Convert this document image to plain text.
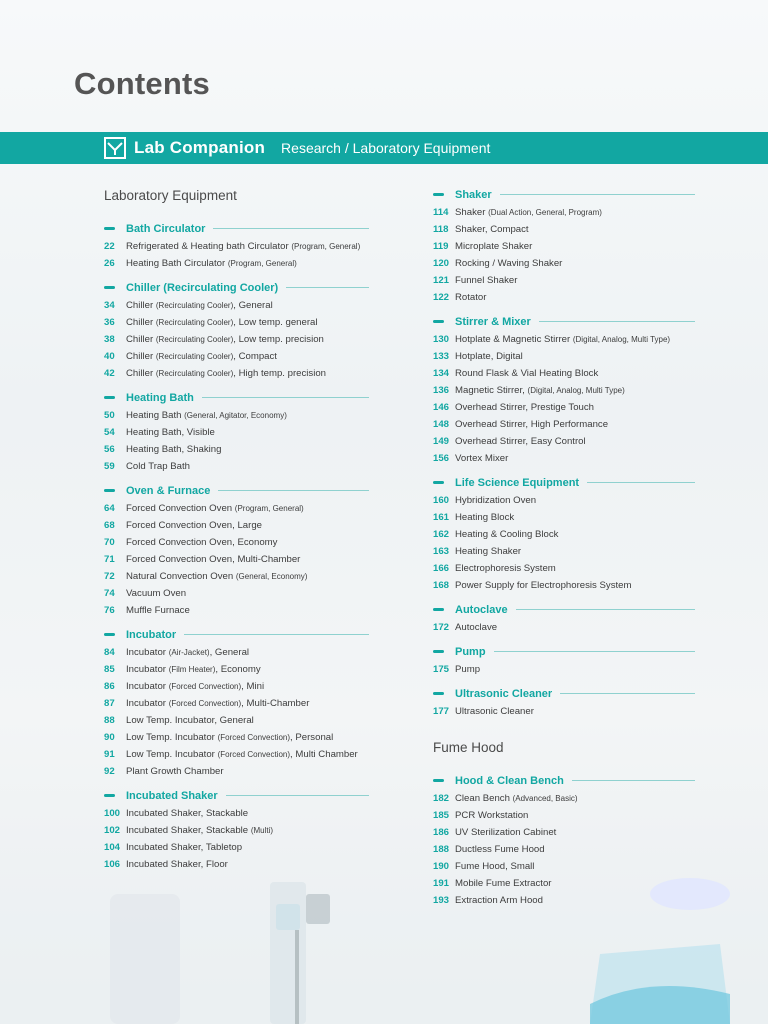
Contents
Lab Companion Research / Laboratory Equipment
Laboratory Equipment
Bath Circulator
22	Refrigerated & Heating bath Circulator (Program, General)
26	Heating Bath Circulator (Program, General)
Chiller (Recirculating Cooler)
34	Chiller (Recirculating Cooler), General
36	Chiller (Recirculating Cooler), Low temp. general
38	Chiller (Recirculating Cooler), Low temp. precision
40	Chiller (Recirculating Cooler), Compact
42	Chiller (Recirculating Cooler), High temp. precision
Heating Bath
50	Heating Bath (General, Agitator, Economy)
54	Heating Bath, Visible
56	Heating Bath, Shaking
59	Cold Trap Bath
Oven & Furnace
64	Forced Convection Oven (Program, General)
68	Forced Convection Oven, Large
70	Forced Convection Oven, Economy
71	Forced Convection Oven, Multi-Chamber
72	Natural Convection Oven (General, Economy)
74	Vacuum Oven
76	Muffle Furnace
Incubator
84	Incubator (Air-Jacket), General
85	Incubator (Film Heater), Economy
86	Incubator (Forced Convection), Mini
87	Incubator (Forced Convection), Multi-Chamber
88	Low Temp. Incubator, General
90	Low Temp. Incubator (Forced Convection), Personal
91	Low Temp. Incubator (Forced Convection), Multi Chamber
92	Plant Growth Chamber
Incubated Shaker
100 Incubated Shaker, Stackable
102 Incubated Shaker, Stackable (Multi)
104 Incubated Shaker, Tabletop
106 Incubated Shaker, Floor
Shaker
114 Shaker (Dual Action, General, Program)
118 Shaker, Compact
119 Microplate Shaker
120 Rocking / Waving Shaker
121 Funnel Shaker
122 Rotator
Stirrer & Mixer
130 Hotplate & Magnetic Stirrer (Digital, Analog, Multi Type)
133 Hotplate, Digital
134 Round Flask & Vial Heating Block
136 Magnetic Stirrer, (Digital, Analog, Multi Type)
146 Overhead Stirrer, Prestige Touch
148 Overhead Stirrer, High Performance
149 Overhead Stirrer, Easy Control
156 Vortex Mixer
Life Science Equipment
160 Hybridization Oven
161 Heating Block
162 Heating & Cooling Block
163 Heating Shaker
166 Electrophoresis System
168 Power Supply for Electrophoresis System
Autoclave
172 Autoclave
Pump
175 Pump
Ultrasonic Cleaner
177 Ultrasonic Cleaner
Fume Hood
Hood & Clean Bench
182 Clean Bench (Advanced, Basic)
185 PCR Workstation
186 UV Sterilization Cabinet
188 Ductless Fume Hood
190 Fume Hood, Small
191 Mobile Fume Extractor
193 Extraction Arm Hood
